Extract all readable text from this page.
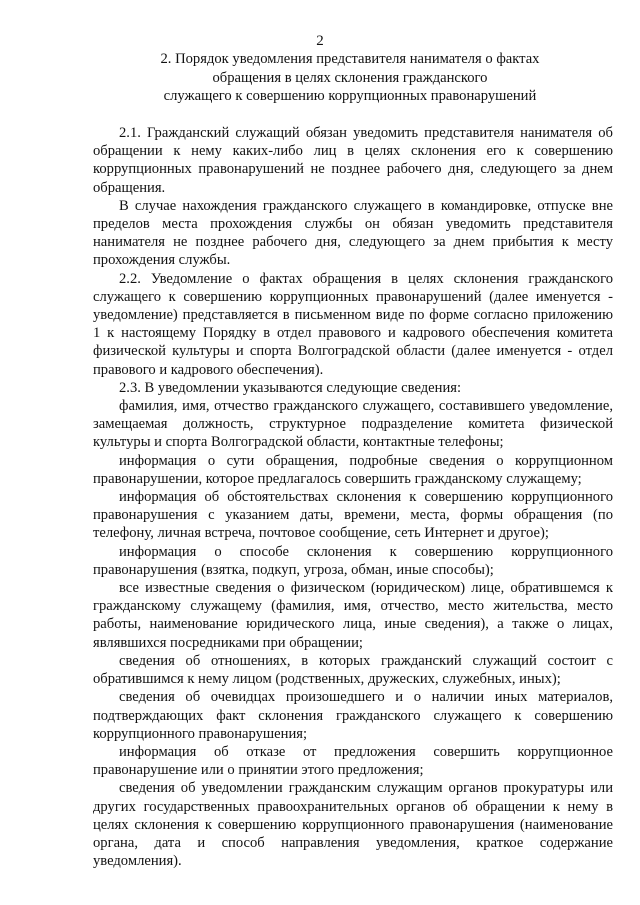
2
2. Порядок уведомления представителя нанимателя о фактах
обращения в целях склонения гражданского
служащего к совершению коррупционных правонарушений

2.1. Гражданский служащий обязан уведомить представителя нанимателя об обращении к нему каких-либо лиц в целях склонения его к совершению коррупционных правонарушений не позднее рабочего дня, следующего за днем обращения.

В случае нахождения гражданского служащего в командировке, отпуске вне пределов места прохождения службы он обязан уведомить представителя нанимателя не позднее рабочего дня, следующего за днем прибытия к месту прохождения службы.

2.2. Уведомление о фактах обращения в целях склонения гражданского служащего к совершению коррупционных правонарушений (далее именуется - уведомление) представляется в письменном виде по форме согласно приложению 1 к настоящему Порядку в отдел правового и кадрового обеспечения комитета физической культуры и спорта Волгоградской области (далее именуется - отдел правового и кадрового обеспечения).

2.3. В уведомлении указываются следующие сведения:

фамилия, имя, отчество гражданского служащего, составившего уведомление, замещаемая должность, структурное подразделение комитета физической культуры и спорта Волгоградской области, контактные телефоны;

информация о сути обращения, подробные сведения о коррупционном правонарушении, которое предлагалось совершить гражданскому служащему;

информация об обстоятельствах склонения к совершению коррупционного правонарушения с указанием даты, времени, места, формы обращения (по телефону, личная встреча, почтовое сообщение, сеть Интернет и другое);

информация о способе склонения к совершению коррупционного правонарушения (взятка, подкуп, угроза, обман, иные способы);

все известные сведения о физическом (юридическом) лице, обратившемся к гражданскому служащему (фамилия, имя, отчество, место жительства, место работы, наименование юридического лица, иные сведения), а также о лицах, являвшихся посредниками при обращении;

сведения об отношениях, в которых гражданский служащий состоит с обратившимся к нему лицом (родственных, дружеских, служебных, иных);

сведения об очевидцах произошедшего и о наличии иных материалов, подтверждающих факт склонения гражданского служащего к совершению коррупционного правонарушения;

информация об отказе от предложения совершить коррупционное правонарушение или о принятии этого предложения;

сведения об уведомлении гражданским служащим органов прокуратуры или других государственных правоохранительных органов об обращении к нему в целях склонения к совершению коррупционного правонарушения (наименование органа, дата и способ направления уведомления, краткое содержание уведомления).
